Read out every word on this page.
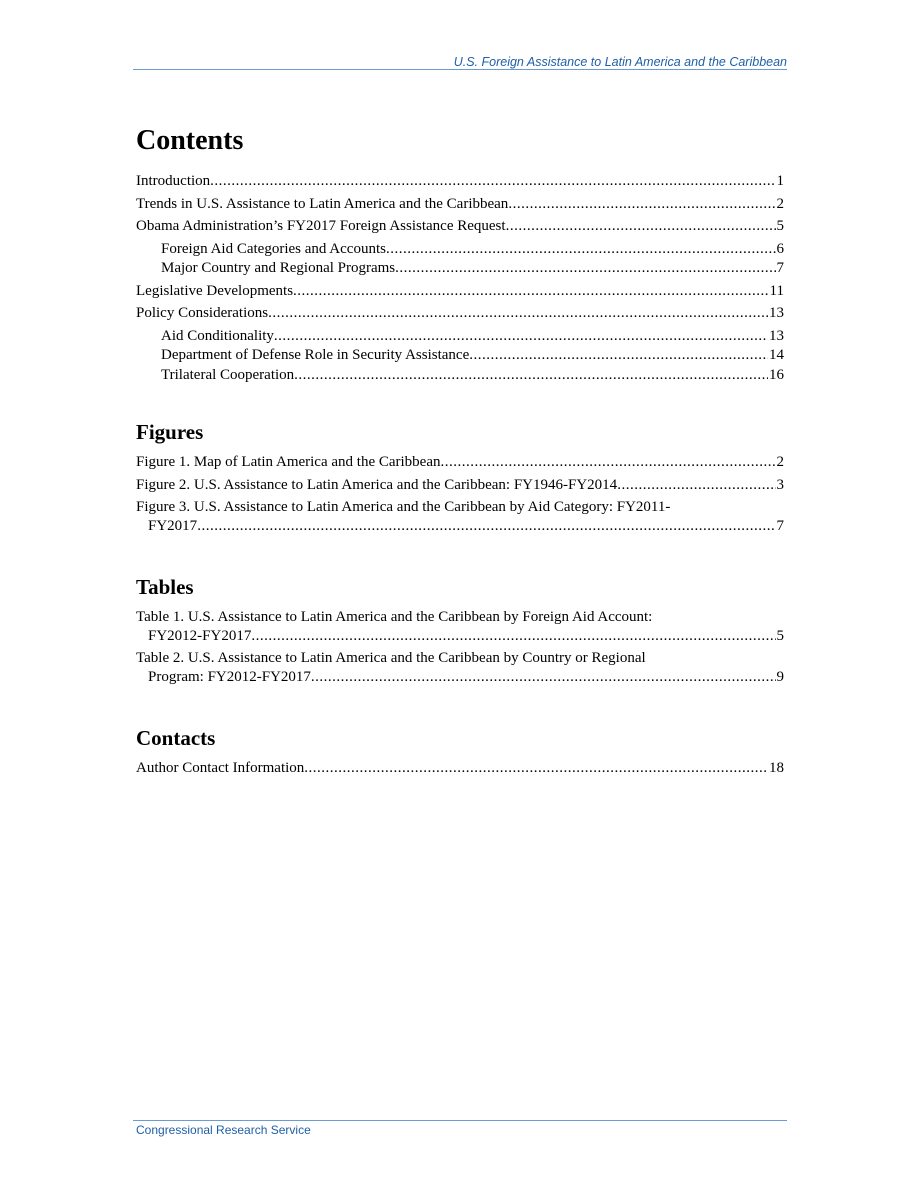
U.S. Foreign Assistance to Latin America and the Caribbean
Contents
Introduction .....	1
Trends in U.S. Assistance to Latin America and the Caribbean .....	2
Obama Administration’s FY2017 Foreign Assistance Request .....	5
Foreign Aid Categories and Accounts .....	6
Major Country and Regional Programs .....	7
Legislative Developments .....	11
Policy Considerations .....	13
Aid Conditionality .....	13
Department of Defense Role in Security Assistance .....	14
Trilateral Cooperation .....	16
Figures
Figure 1. Map of Latin America and the Caribbean .....	2
Figure 2. U.S. Assistance to Latin America and the Caribbean: FY1946-FY2014 .....	3
Figure 3. U.S. Assistance to Latin America and the Caribbean by Aid Category: FY2011-
FY2017 .....	7
Tables
Table 1. U.S. Assistance to Latin America and the Caribbean by Foreign Aid Account:
FY2012-FY2017 .....	5
Table 2. U.S. Assistance to Latin America and the Caribbean by Country or Regional
Program: FY2012-FY2017 .....	9
Contacts
Author Contact Information .....	18
Congressional Research Service
